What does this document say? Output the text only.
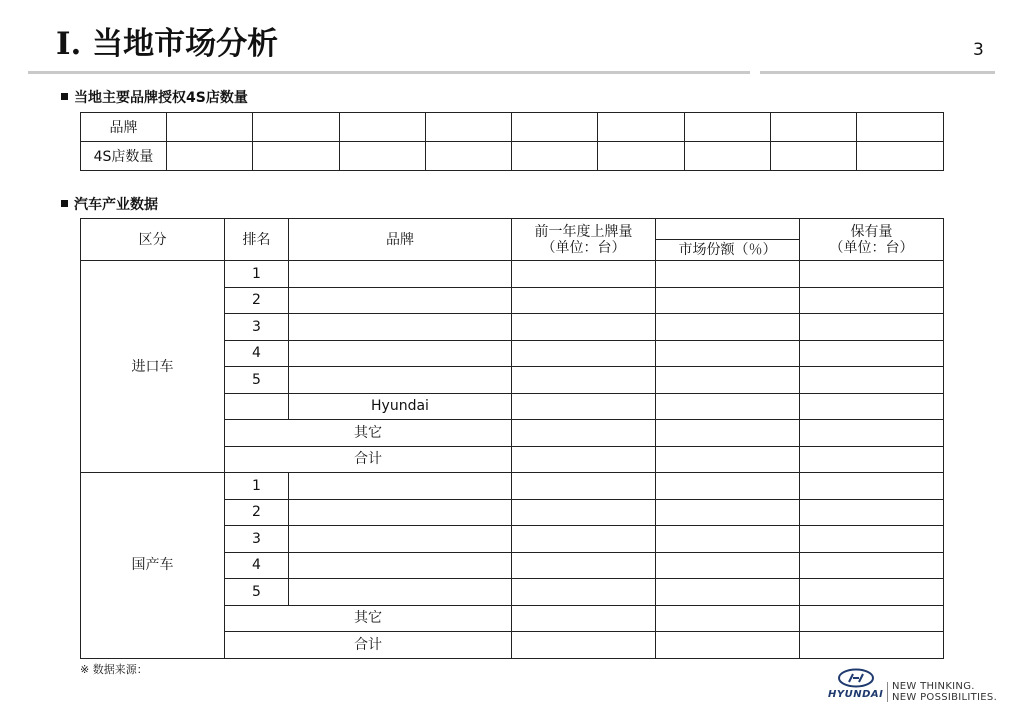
I. 当地市场分析	3
当地主要品牌授权4S店数量
品牌									
4S店数量									
汽车产业数据
区分	排名	品牌	前一年度上牌量		保有量
			（单位：台）	市场份额（％）	（单位：台）
进口车	1				
	2				
	3				
	4				
	5				
		Hyundai			
	其它				
	合计				
国产车	1				
	2				
	3				
	4				
	5				
	其它				
	合计				
※ 数据来源：
HYUNDAI
NEW THINKING.
NEW POSSIBILITIES.
